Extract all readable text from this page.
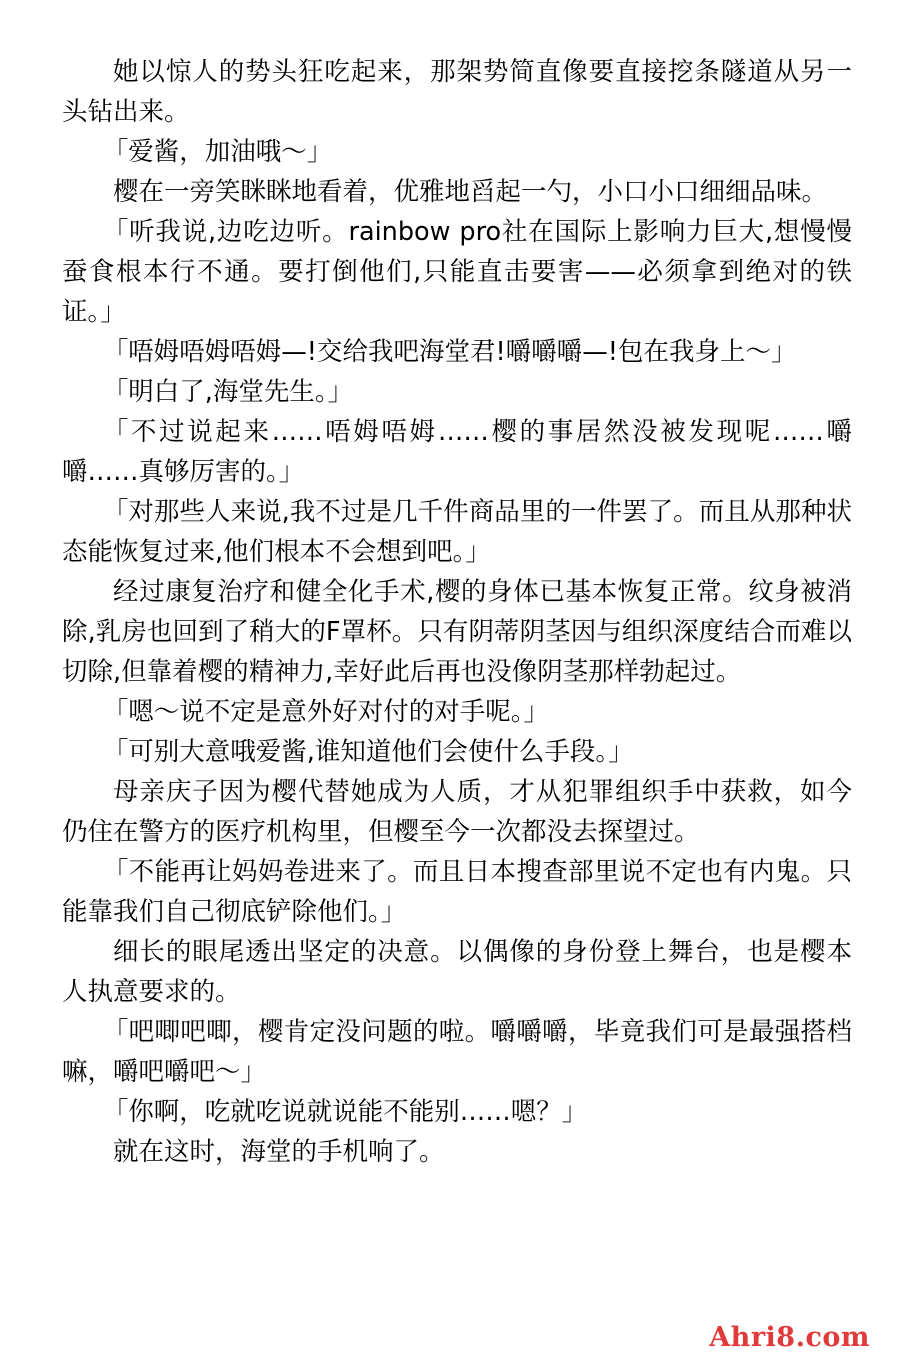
她以惊人的势头狂吃起来，那架势简直像要直接挖条隧道从另一头钻出来。

「爱酱，加油哦～」

樱在一旁笑眯眯地看着，优雅地舀起一勺，小口小口细细品味。

「听我说,边吃边听。rainbow pro社在国际上影响力巨大,想慢慢蚕食根本行不通。要打倒他们,只能直击要害——必须拿到绝对的铁证。」

「唔姆唔姆唔姆—!交给我吧海堂君!嚼嚼嚼—!包在我身上～」

「明白了,海堂先生。」

「不过说起来……唔姆唔姆……樱的事居然没被发现呢……嚼嚼……真够厉害的。」

「对那些人来说,我不过是几千件商品里的一件罢了。而且从那种状态能恢复过来,他们根本不会想到吧。」

经过康复治疗和健全化手术,樱的身体已基本恢复正常。纹身被消除,乳房也回到了稍大的F罩杯。只有阴蒂阴茎因与组织深度结合而难以切除,但靠着樱的精神力,幸好此后再也没像阴茎那样勃起过。

「嗯～说不定是意外好对付的对手呢。」

「可别大意哦爱酱,谁知道他们会使什么手段。」

母亲庆子因为樱代替她成为人质，才从犯罪组织手中获救，如今仍住在警方的医疗机构里，但樱至今一次都没去探望过。

「不能再让妈妈卷进来了。而且日本搜查部里说不定也有内鬼。只能靠我们自己彻底铲除他们。」

细长的眼尾透出坚定的决意。以偶像的身份登上舞台，也是樱本人执意要求的。

「吧唧吧唧，樱肯定没问题的啦。嚼嚼嚼，毕竟我们可是最强搭档嘛，嚼吧嚼吧～」

「你啊，吃就吃说就说能不能别……嗯？」

就在这时，海堂的手机响了。

Ahri8.com
